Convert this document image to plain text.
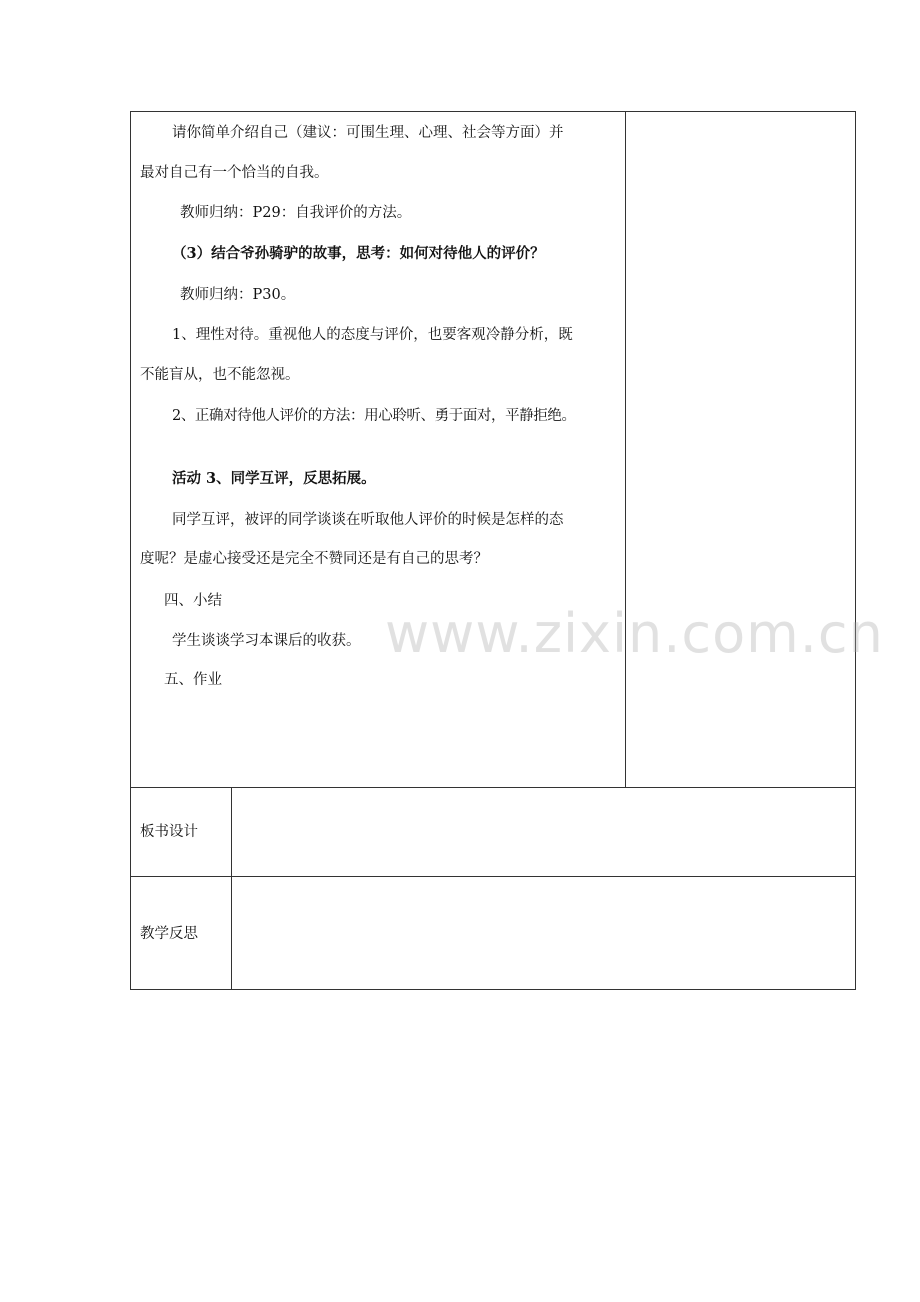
请你简单介绍自己（建议：可围生理、心理、社会等方面）并
最对自己有一个恰当的自我。
教师归纳：P29：自我评价的方法。
（3）结合爷孙骑驴的故事，思考：如何对待他人的评价？
教师归纳：P30。
1、理性对待。重视他人的态度与评价，也要客观冷静分析，既
不能盲从，也不能忽视。
2、正确对待他人评价的方法：用心聆听、勇于面对，平静拒绝。
活动 3、同学互评，反思拓展。
同学互评，被评的同学谈谈在听取他人评价的时候是怎样的态
度呢？是虚心接受还是完全不赞同还是有自己的思考？
四、小结
学生谈谈学习本课后的收获。
五、作业
板书设计
教学反思
www.zixin.com.cn
